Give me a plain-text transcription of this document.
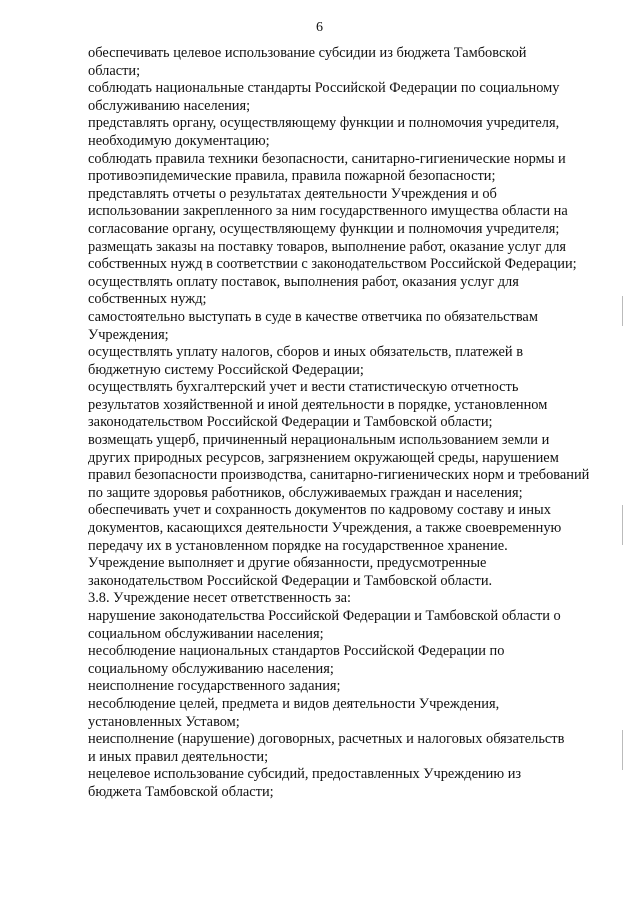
6

обеспечивать целевое использование субсидии из бюджета Тамбовской
области;

соблюдать национальные стандарты Российской Федерации по социальному
обслуживанию населения;

представлять органу, осуществляющему функции и полномочия учредителя,
необходимую документацию;

соблюдать правила техники безопасности, санитарно-гигиенические нормы и
противоэпидемические правила, правила пожарной безопасности;

представлять отчеты о результатах деятельности Учреждения и об
использовании закрепленного за ним государственного имущества области на
согласование органу, осуществляющему функции и полномочия учредителя;

размещать заказы на поставку товаров, выполнение работ, оказание услуг для
собственных нужд в соответствии с законодательством Российской Федерации;

осуществлять оплату поставок, выполнения работ, оказания услуг для
собственных нужд;

самостоятельно выступать в суде в качестве ответчика по обязательствам
Учреждения;

осуществлять уплату налогов, сборов и иных обязательств, платежей в
бюджетную систему Российской Федерации;

осуществлять бухгалтерский учет и вести статистическую отчетность
результатов хозяйственной и иной деятельности в порядке, установленном
законодательством Российской Федерации и Тамбовской области;

возмещать ущерб, причиненный нерациональным использованием земли и
других природных ресурсов, загрязнением окружающей среды, нарушением
правил безопасности производства, санитарно-гигиенических норм и требований
по защите здоровья работников, обслуживаемых граждан и населения;

обеспечивать учет и сохранность документов по кадровому составу и иных
документов, касающихся деятельности Учреждения, а также своевременную
передачу их в установленном порядке на государственное хранение.

Учреждение выполняет и другие обязанности, предусмотренные
законодательством Российской Федерации и Тамбовской области.

3.8. Учреждение несет ответственность за:

нарушение законодательства Российской Федерации и Тамбовской области о
социальном обслуживании населения;

несоблюдение национальных стандартов Российской Федерации по
социальному обслуживанию населения;

неисполнение государственного задания;

несоблюдение целей, предмета и видов деятельности Учреждения,
установленных Уставом;

неисполнение (нарушение) договорных, расчетных и налоговых обязательств
и иных правил деятельности;

нецелевое использование субсидий, предоставленных Учреждению из
бюджета Тамбовской области;
